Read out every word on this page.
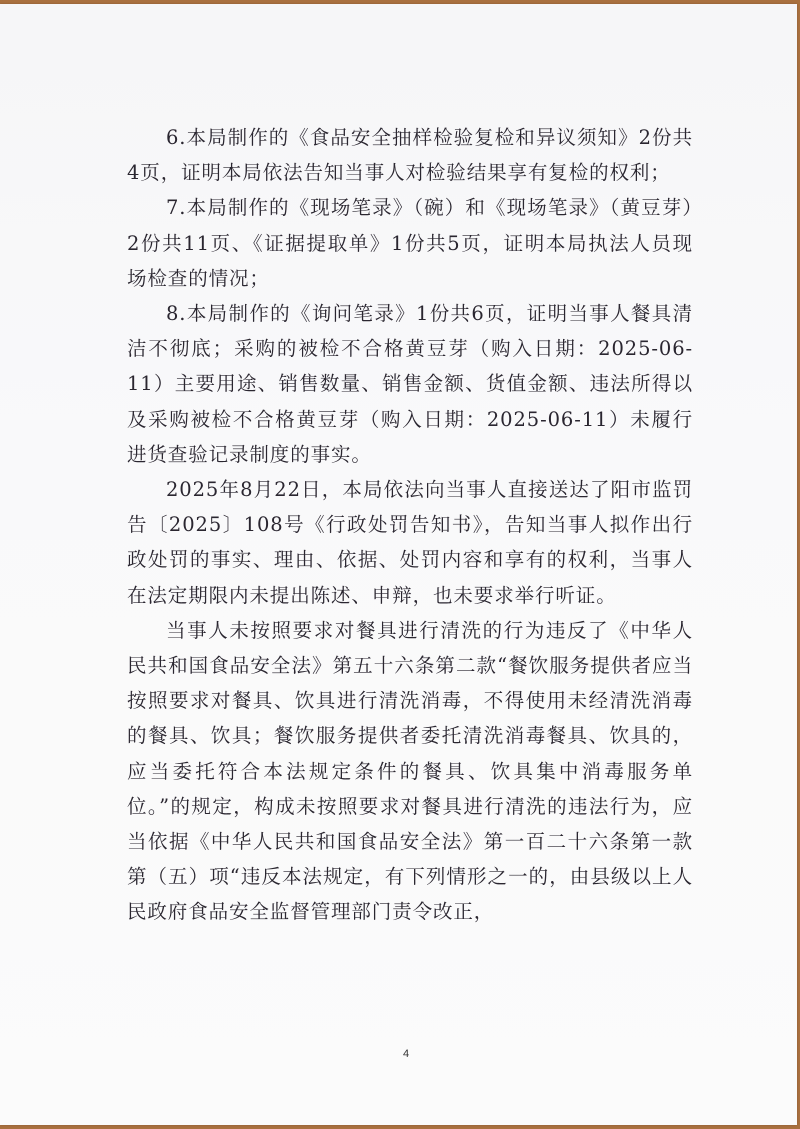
6.本局制作的《食品安全抽样检验复检和异议须知》2份共4页，证明本局依法告知当事人对检验结果享有复检的权利；

7.本局制作的《现场笔录》（碗）和《现场笔录》（黄豆芽）2份共11页、《证据提取单》1份共5页，证明本局执法人员现场检查的情况；

8.本局制作的《询问笔录》1份共6页，证明当事人餐具清洁不彻底；采购的被检不合格黄豆芽（购入日期：2025-06-11）主要用途、销售数量、销售金额、货值金额、违法所得以及采购被检不合格黄豆芽（购入日期：2025-06-11）未履行进货查验记录制度的事实。

2025年8月22日，本局依法向当事人直接送达了阳市监罚告〔2025〕108号《行政处罚告知书》，告知当事人拟作出行政处罚的事实、理由、依据、处罚内容和享有的权利，当事人在法定期限内未提出陈述、申辩，也未要求举行听证。

当事人未按照要求对餐具进行清洗的行为违反了《中华人民共和国食品安全法》第五十六条第二款“餐饮服务提供者应当按照要求对餐具、饮具进行清洗消毒，不得使用未经清洗消毒的餐具、饮具；餐饮服务提供者委托清洗消毒餐具、饮具的，应当委托符合本法规定条件的餐具、饮具集中消毒服务单位。”的规定，构成未按照要求对餐具进行清洗的违法行为，应当依据《中华人民共和国食品安全法》第一百二十六条第一款第（五）项“违反本法规定，有下列情形之一的，由县级以上人民政府食品安全监督管理部门责令改正，

4
